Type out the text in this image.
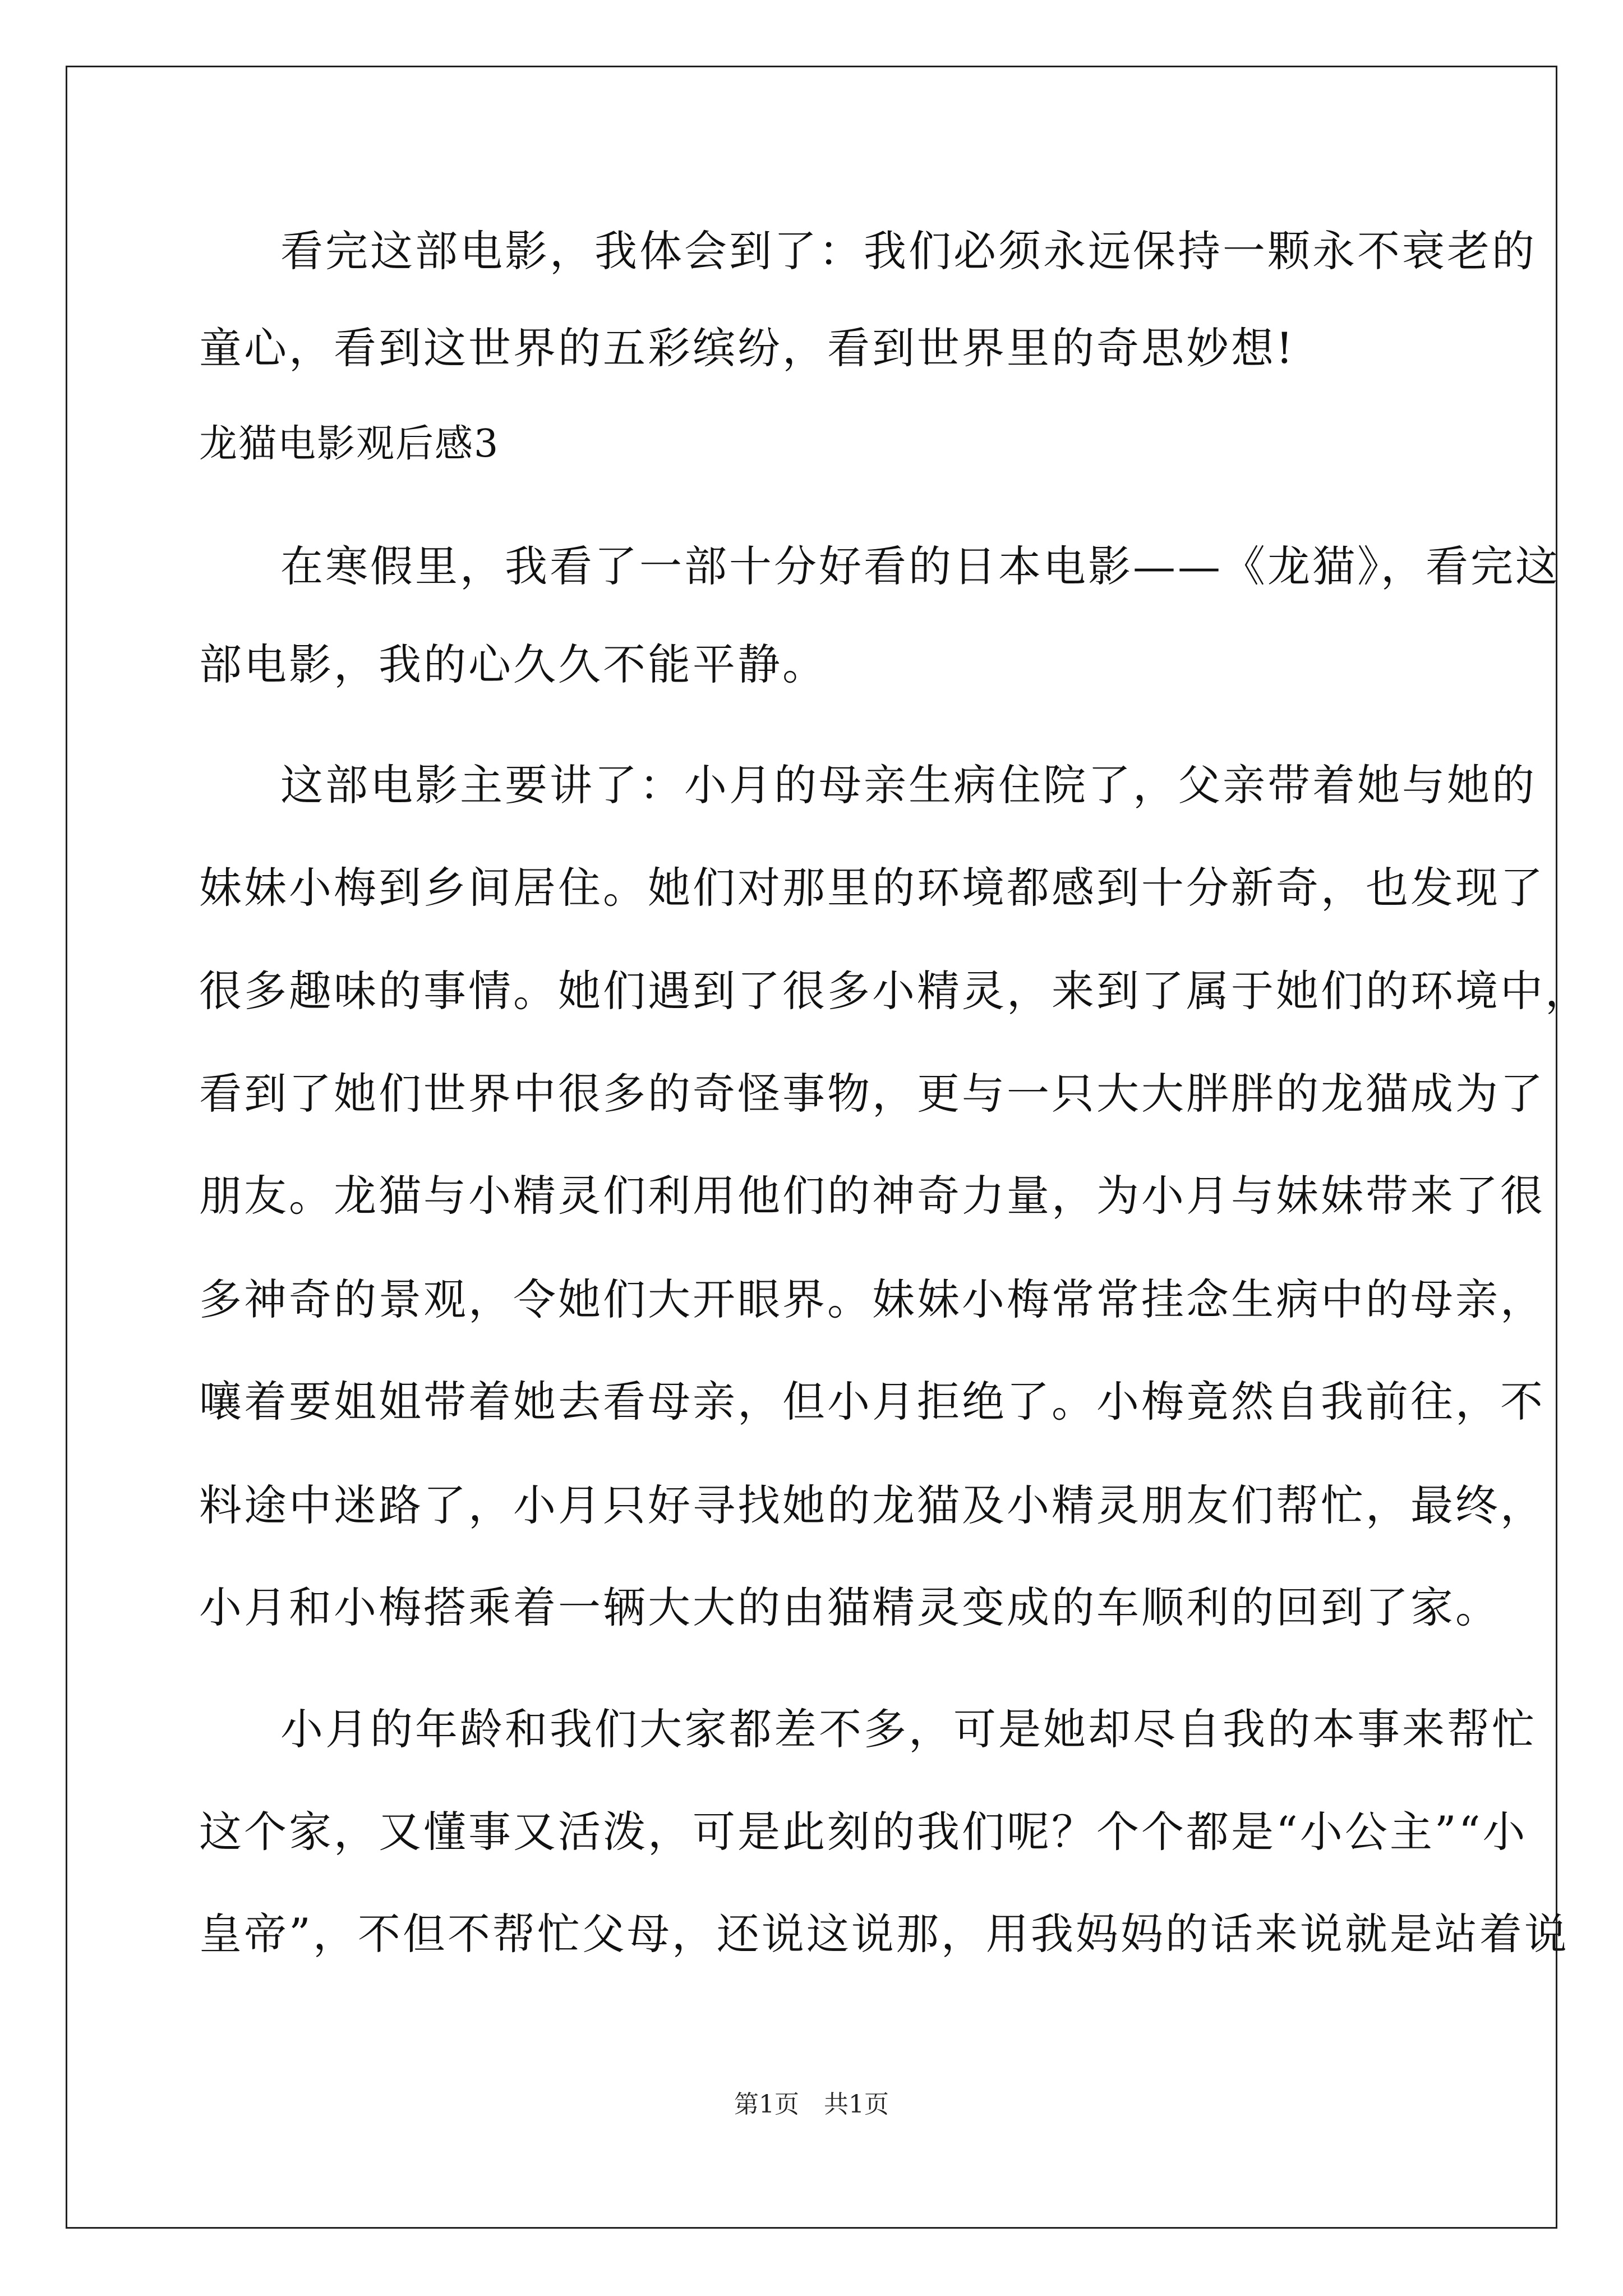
看完这部电影，我体会到了：我们必须永远保持一颗永不衰老的
童心，看到这世界的五彩缤纷，看到世界里的奇思妙想!
龙猫电影观后感3
在寒假里，我看了一部十分好看的日本电影——《龙猫》，看完这
部电影，我的心久久不能平静。
这部电影主要讲了：小月的母亲生病住院了，父亲带着她与她的
妹妹小梅到乡间居住。她们对那里的环境都感到十分新奇，也发现了
很多趣味的事情。她们遇到了很多小精灵，来到了属于她们的环境中，
看到了她们世界中很多的奇怪事物，更与一只大大胖胖的龙猫成为了
朋友。龙猫与小精灵们利用他们的神奇力量，为小月与妹妹带来了很
多神奇的景观，令她们大开眼界。妹妹小梅常常挂念生病中的母亲，
嚷着要姐姐带着她去看母亲，但小月拒绝了。小梅竟然自我前往，不
料途中迷路了，小月只好寻找她的龙猫及小精灵朋友们帮忙，最终，
小月和小梅搭乘着一辆大大的由猫精灵变成的车顺利的回到了家。
小月的年龄和我们大家都差不多，可是她却尽自我的本事来帮忙
这个家，又懂事又活泼，可是此刻的我们呢？个个都是“小公主”“小
皇帝”，不但不帮忙父母，还说这说那，用我妈妈的话来说就是站着说
第1页　共1页
